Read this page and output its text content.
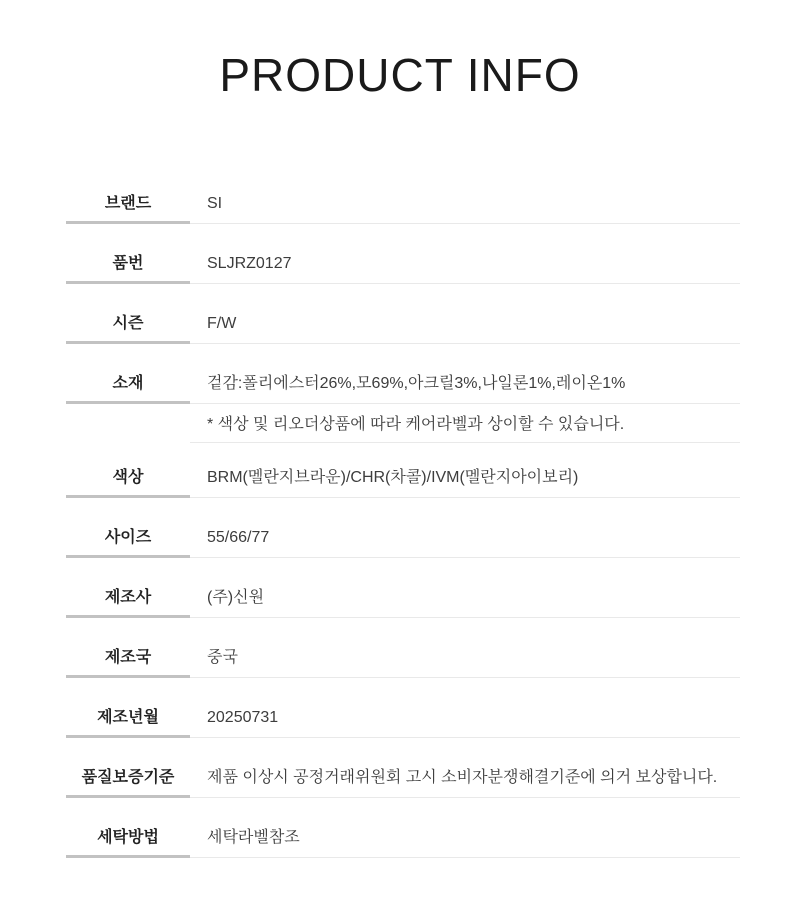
PRODUCT INFO
브랜드	SI
품번	SLJRZ0127
시즌	F/W
소재	겉감:폴리에스터26%,모69%,아크릴3%,나일론1%,레이온1%
* 색상 및 리오더상품에 따라 케어라벨과 상이할 수 있습니다.
색상	BRM(멜란지브라운)/CHR(차콜)/IVM(멜란지아이보리)
사이즈	55/66/77
제조사	(주)신원
제조국	중국
제조년월	20250731
품질보증기준	제품 이상시 공정거래위원회 고시 소비자분쟁해결기준에 의거 보상합니다.
세탁방법	세탁라벨참조
